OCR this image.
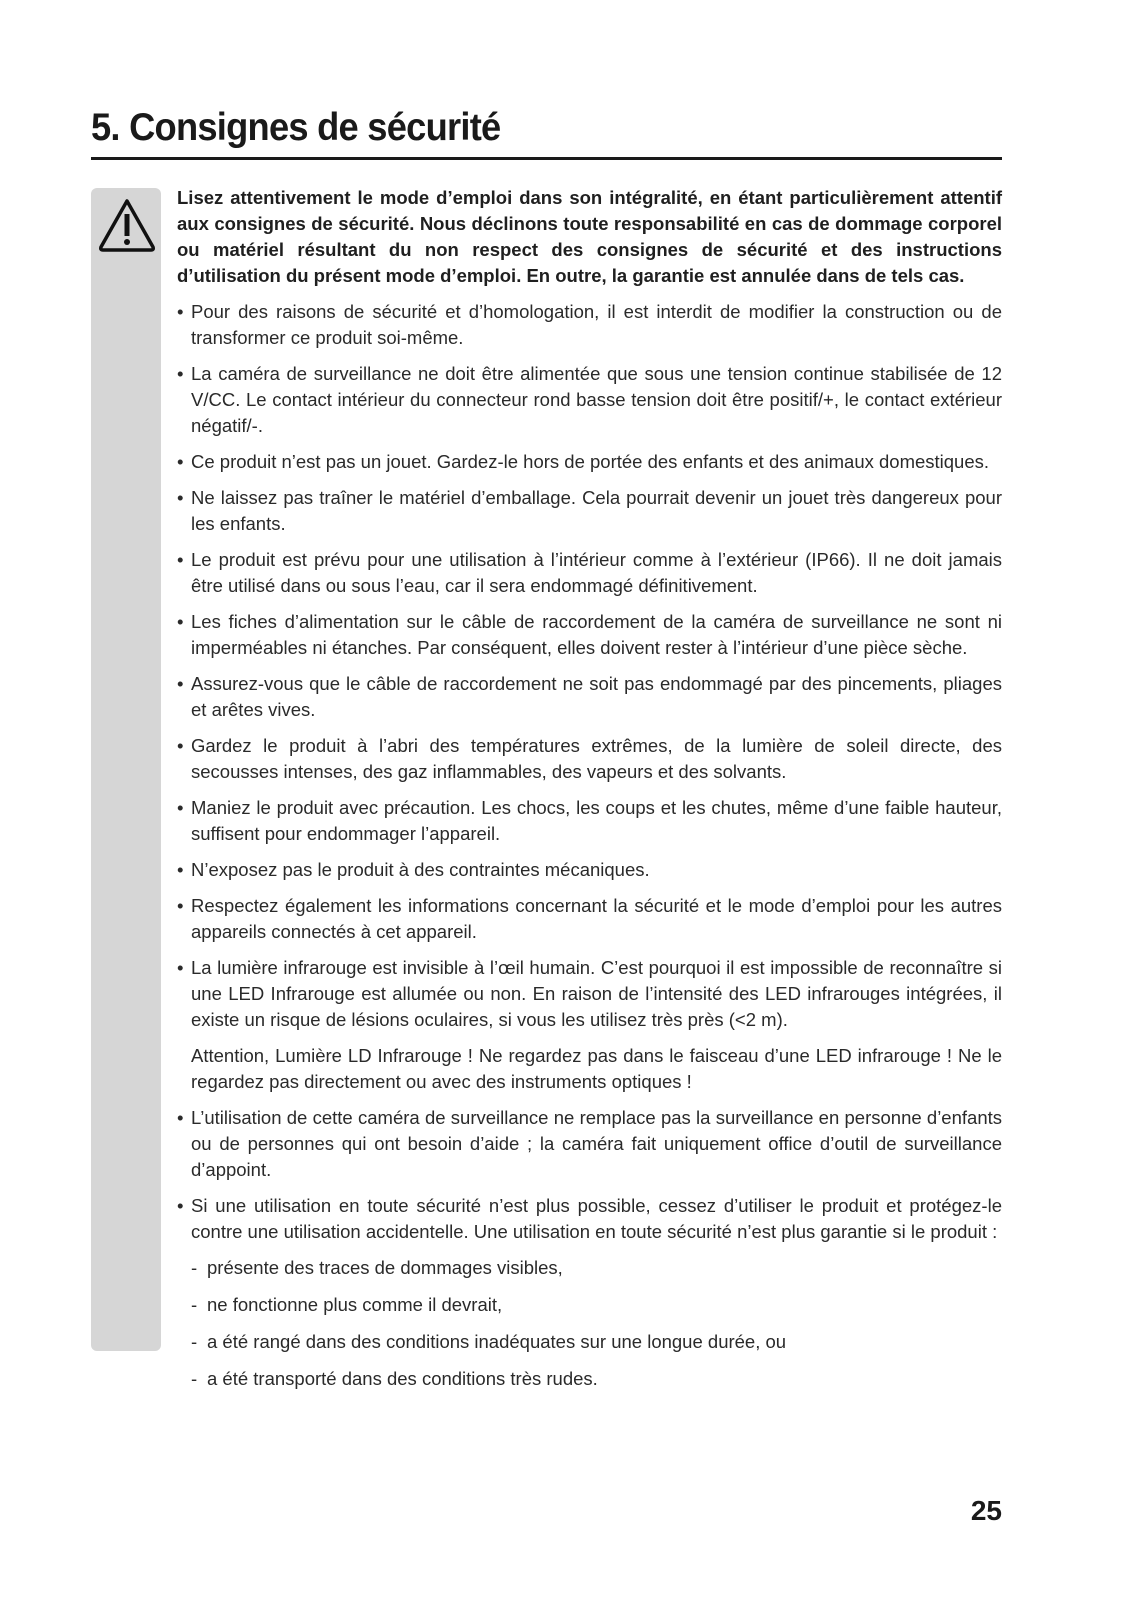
5. Consignes de sécurité

Lisez attentivement le mode d’emploi dans son intégralité, en étant particulièrement attentif aux consignes de sécurité. Nous déclinons toute responsabilité en cas de dommage corporel ou matériel résultant du non respect des consignes de sécurité et des instructions d’utilisation du présent mode d’emploi. En outre, la garantie est annulée dans de tels cas.

• Pour des raisons de sécurité et d’homologation, il est interdit de modifier la construction ou de transformer ce produit soi-même.
• La caméra de surveillance ne doit être alimentée que sous une tension continue stabilisée de 12 V/CC. Le contact intérieur du connecteur rond basse tension doit être positif/+, le contact extérieur négatif/-.
• Ce produit n’est pas un jouet. Gardez-le hors de portée des enfants et des animaux domestiques.
• Ne laissez pas traîner le matériel d’emballage. Cela pourrait devenir un jouet très dangereux pour les enfants.
• Le produit est prévu pour une utilisation à l’intérieur comme à l’extérieur (IP66). Il ne doit jamais être utilisé dans ou sous l’eau, car il sera endommagé définitivement.
• Les fiches d’alimentation sur le câble de raccordement de la caméra de surveillance ne sont ni imperméables ni étanches. Par conséquent, elles doivent rester à l’intérieur d’une pièce sèche.
• Assurez-vous que le câble de raccordement ne soit pas endommagé par des pincements, pliages et arêtes vives.
• Gardez le produit à l’abri des températures extrêmes, de la lumière de soleil directe, des secousses intenses, des gaz inflammables, des vapeurs et des solvants.
• Maniez le produit avec précaution. Les chocs, les coups et les chutes, même d’une faible hauteur, suffisent pour endommager l’appareil.
• N’exposez pas le produit à des contraintes mécaniques.
• Respectez également les informations concernant la sécurité et le mode d’emploi pour les autres appareils connectés à cet appareil.
• La lumière infrarouge est invisible à l’œil humain. C’est pourquoi il est impossible de reconnaître si une LED Infrarouge est allumée ou non. En raison de l’intensité des LED infrarouges intégrées, il existe un risque de lésions oculaires, si vous les utilisez très près (<2 m).
Attention, Lumière LD Infrarouge ! Ne regardez pas dans le faisceau d’une LED infrarouge ! Ne le regardez pas directement ou avec des instruments optiques !
• L’utilisation de cette caméra de surveillance ne remplace pas la surveillance en personne d’enfants ou de personnes qui ont besoin d’aide ; la caméra fait uniquement office d’outil de surveillance d’appoint.
• Si une utilisation en toute sécurité n’est plus possible, cessez d’utiliser le produit et protégez-le contre une utilisation accidentelle. Une utilisation en toute sécurité n’est plus garantie si le produit :
- présente des traces de dommages visibles,
- ne fonctionne plus comme il devrait,
- a été rangé dans des conditions inadéquates sur une longue durée, ou
- a été transporté dans des conditions très rudes.
25
